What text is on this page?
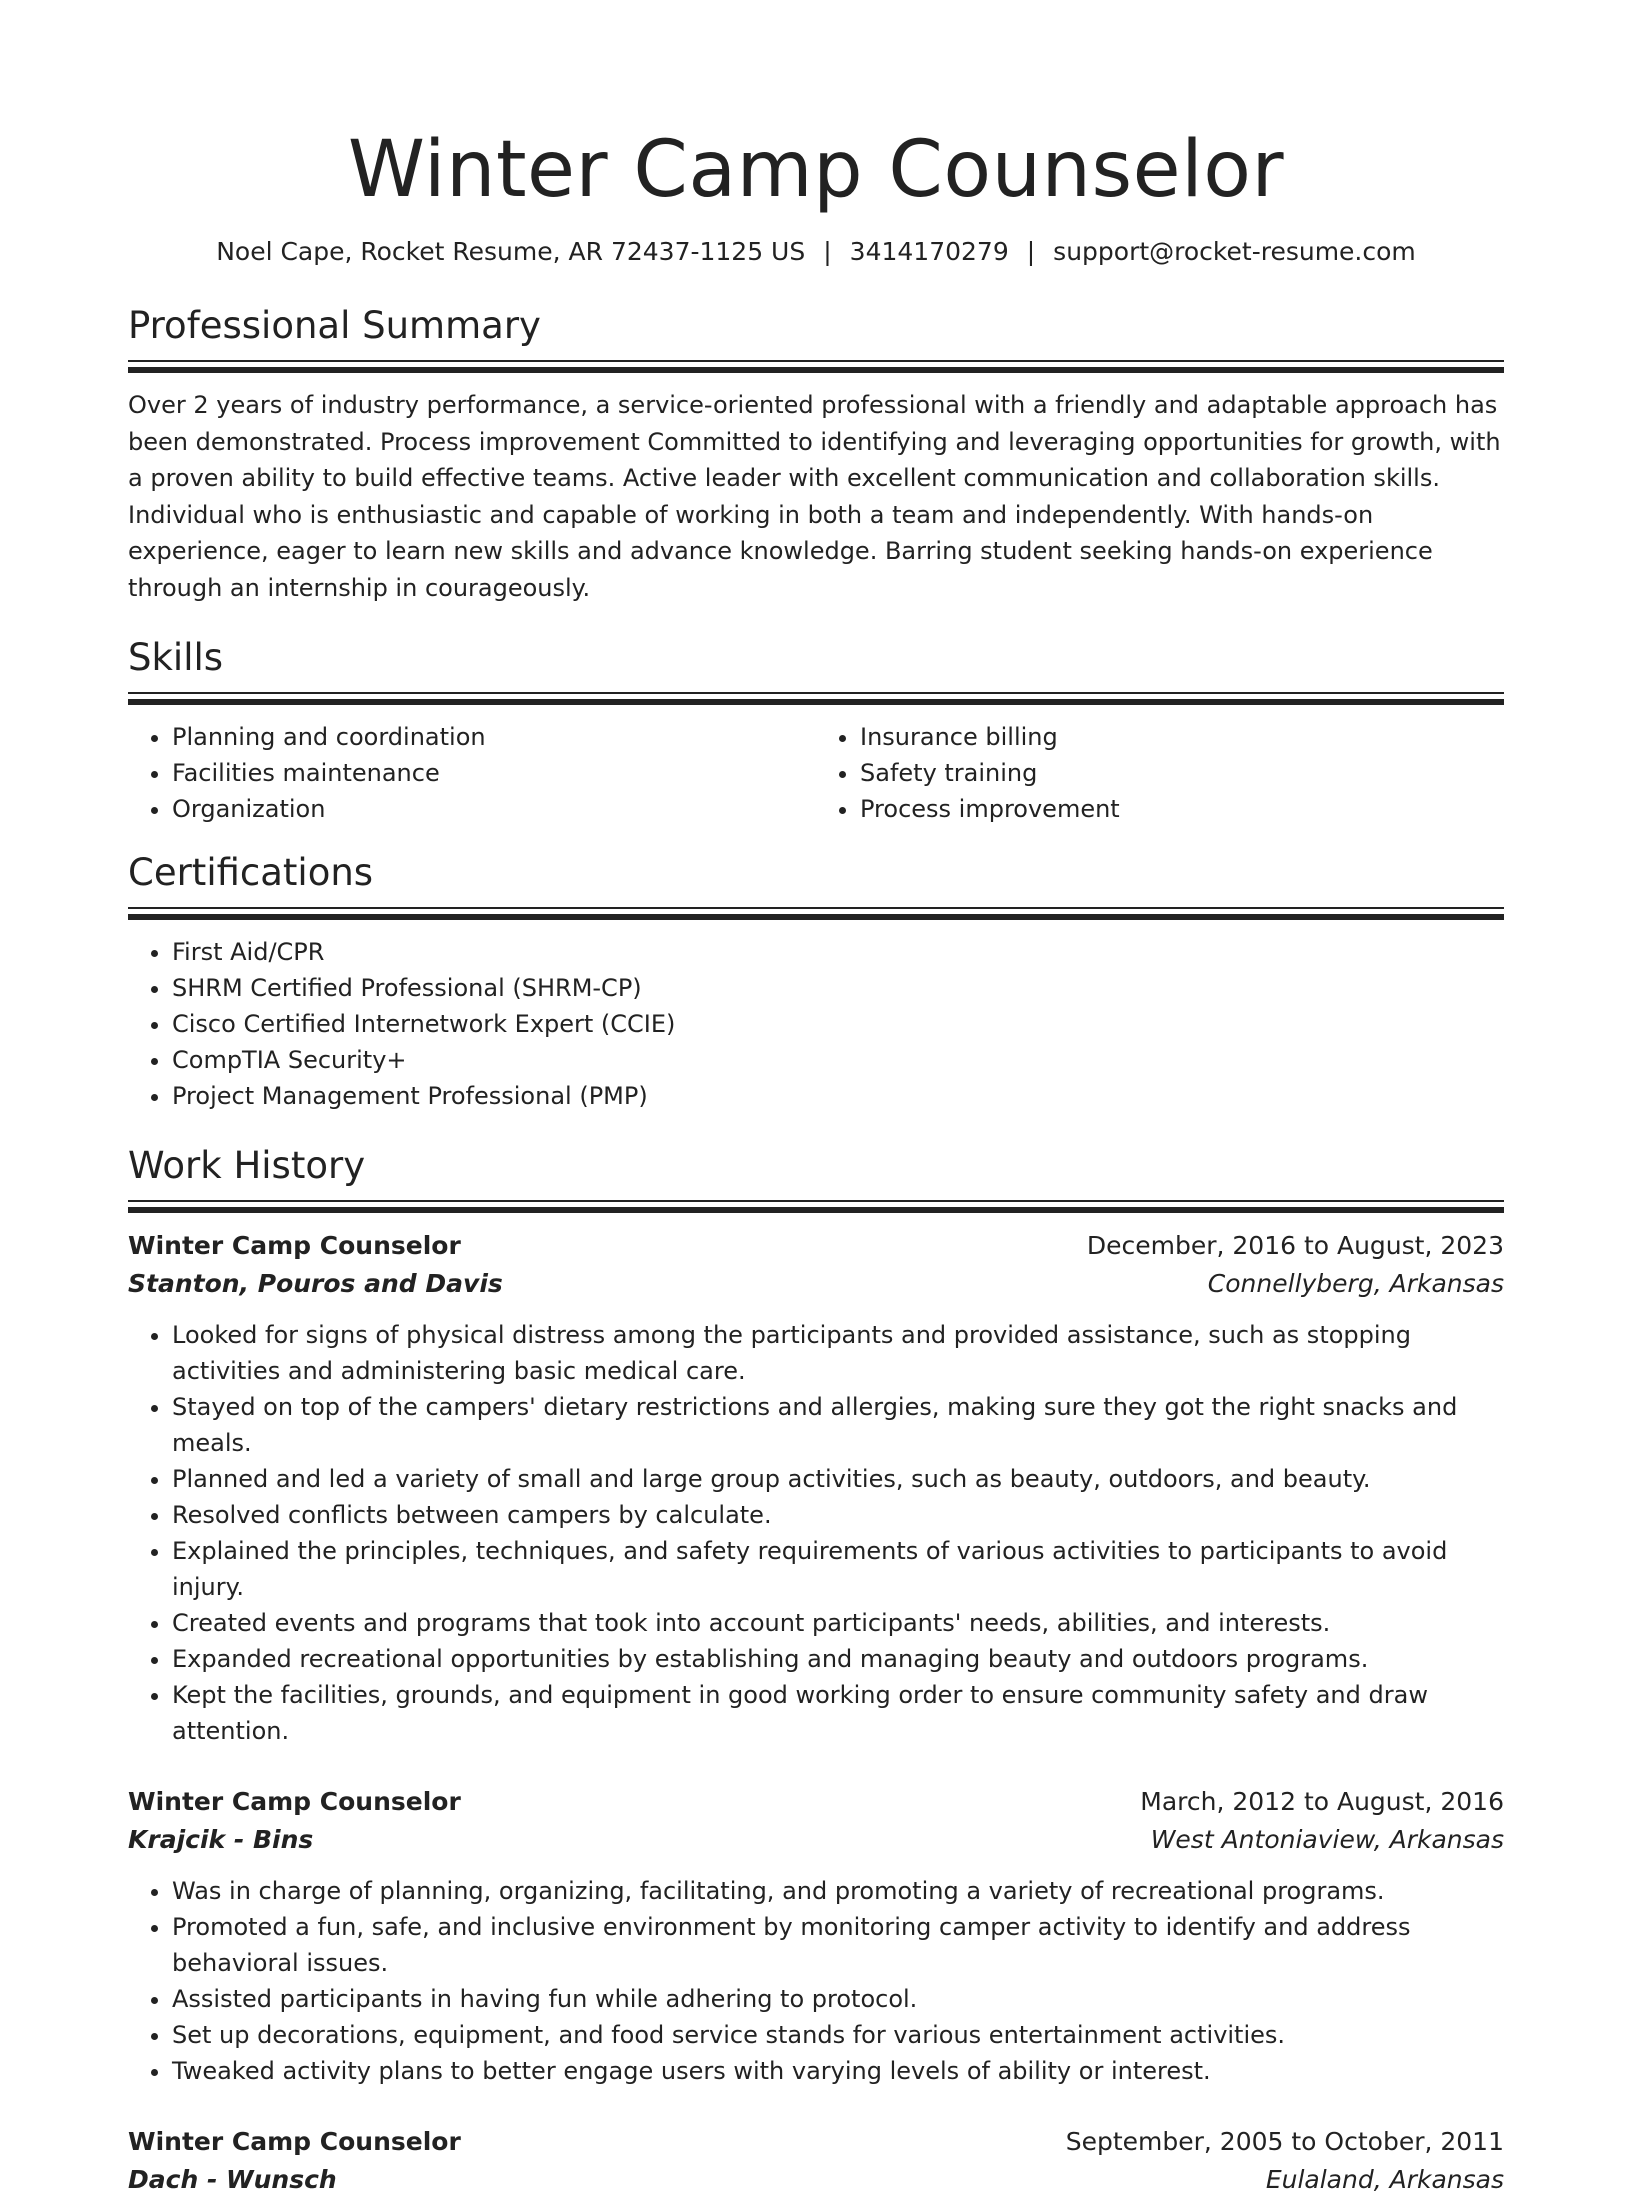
Winter Camp Counselor
Noel Cape, Rocket Resume, AR 72437-1125 US | 3414170279 | support@rocket-resume.com
Professional Summary

Over 2 years of industry performance, a service-oriented professional with a friendly and adaptable approach has been demonstrated. Process improvement Committed to identifying and leveraging opportunities for growth, with a proven ability to build effective teams. Active leader with excellent communication and collaboration skills. Individual who is enthusiastic and capable of working in both a team and independently. With hands-on experience, eager to learn new skills and advance knowledge. Barring student seeking hands-on experience through an internship in courageously.

Skills
• Planning and coordination
• Facilities maintenance
• Organization
• Insurance billing
• Safety training
• Process improvement
Certifications
• First Aid/CPR
• SHRM Certified Professional (SHRM-CP)
• Cisco Certified Internetwork Expert (CCIE)
• CompTIA Security+
• Project Management Professional (PMP)
Work History
Winter Camp Counselor	December, 2016 to August, 2023
Stanton, Pouros and Davis	Connellyberg, Arkansas
• Looked for signs of physical distress among the participants and provided assistance, such as stopping activities and administering basic medical care.
• Stayed on top of the campers' dietary restrictions and allergies, making sure they got the right snacks and meals.
• Planned and led a variety of small and large group activities, such as beauty, outdoors, and beauty.
• Resolved conflicts between campers by calculate.
• Explained the principles, techniques, and safety requirements of various activities to participants to avoid injury.
• Created events and programs that took into account participants' needs, abilities, and interests.
• Expanded recreational opportunities by establishing and managing beauty and outdoors programs.
• Kept the facilities, grounds, and equipment in good working order to ensure community safety and draw attention.
Winter Camp Counselor	March, 2012 to August, 2016
Krajcik - Bins	West Antoniaview, Arkansas
• Was in charge of planning, organizing, facilitating, and promoting a variety of recreational programs.
• Promoted a fun, safe, and inclusive environment by monitoring camper activity to identify and address behavioral issues.
• Assisted participants in having fun while adhering to protocol.
• Set up decorations, equipment, and food service stands for various entertainment activities.
• Tweaked activity plans to better engage users with varying levels of ability or interest.
Winter Camp Counselor	September, 2005 to October, 2011
Dach - Wunsch	Eulaland, Arkansas
